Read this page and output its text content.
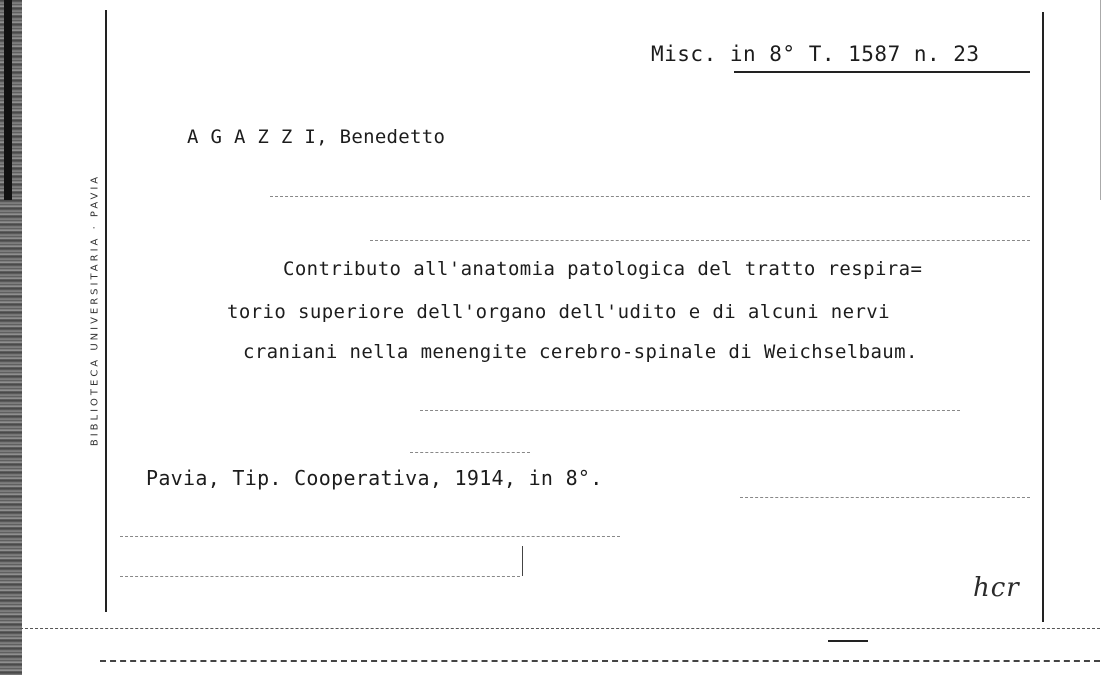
Misc. in 8° T. 1587 n. 23
A G A Z Z I, Benedetto
Contributo all'anatomia patologica del tratto respira=
torio superiore dell'organo dell'udito e di alcuni nervi
craniani nella menengite cerebro-spinale di Weichselbaum.
Pavia, Tip. Cooperativa, 1914, in 8°.
BIBLIOTECA UNIVERSITARIA · PAVIA
hcr
